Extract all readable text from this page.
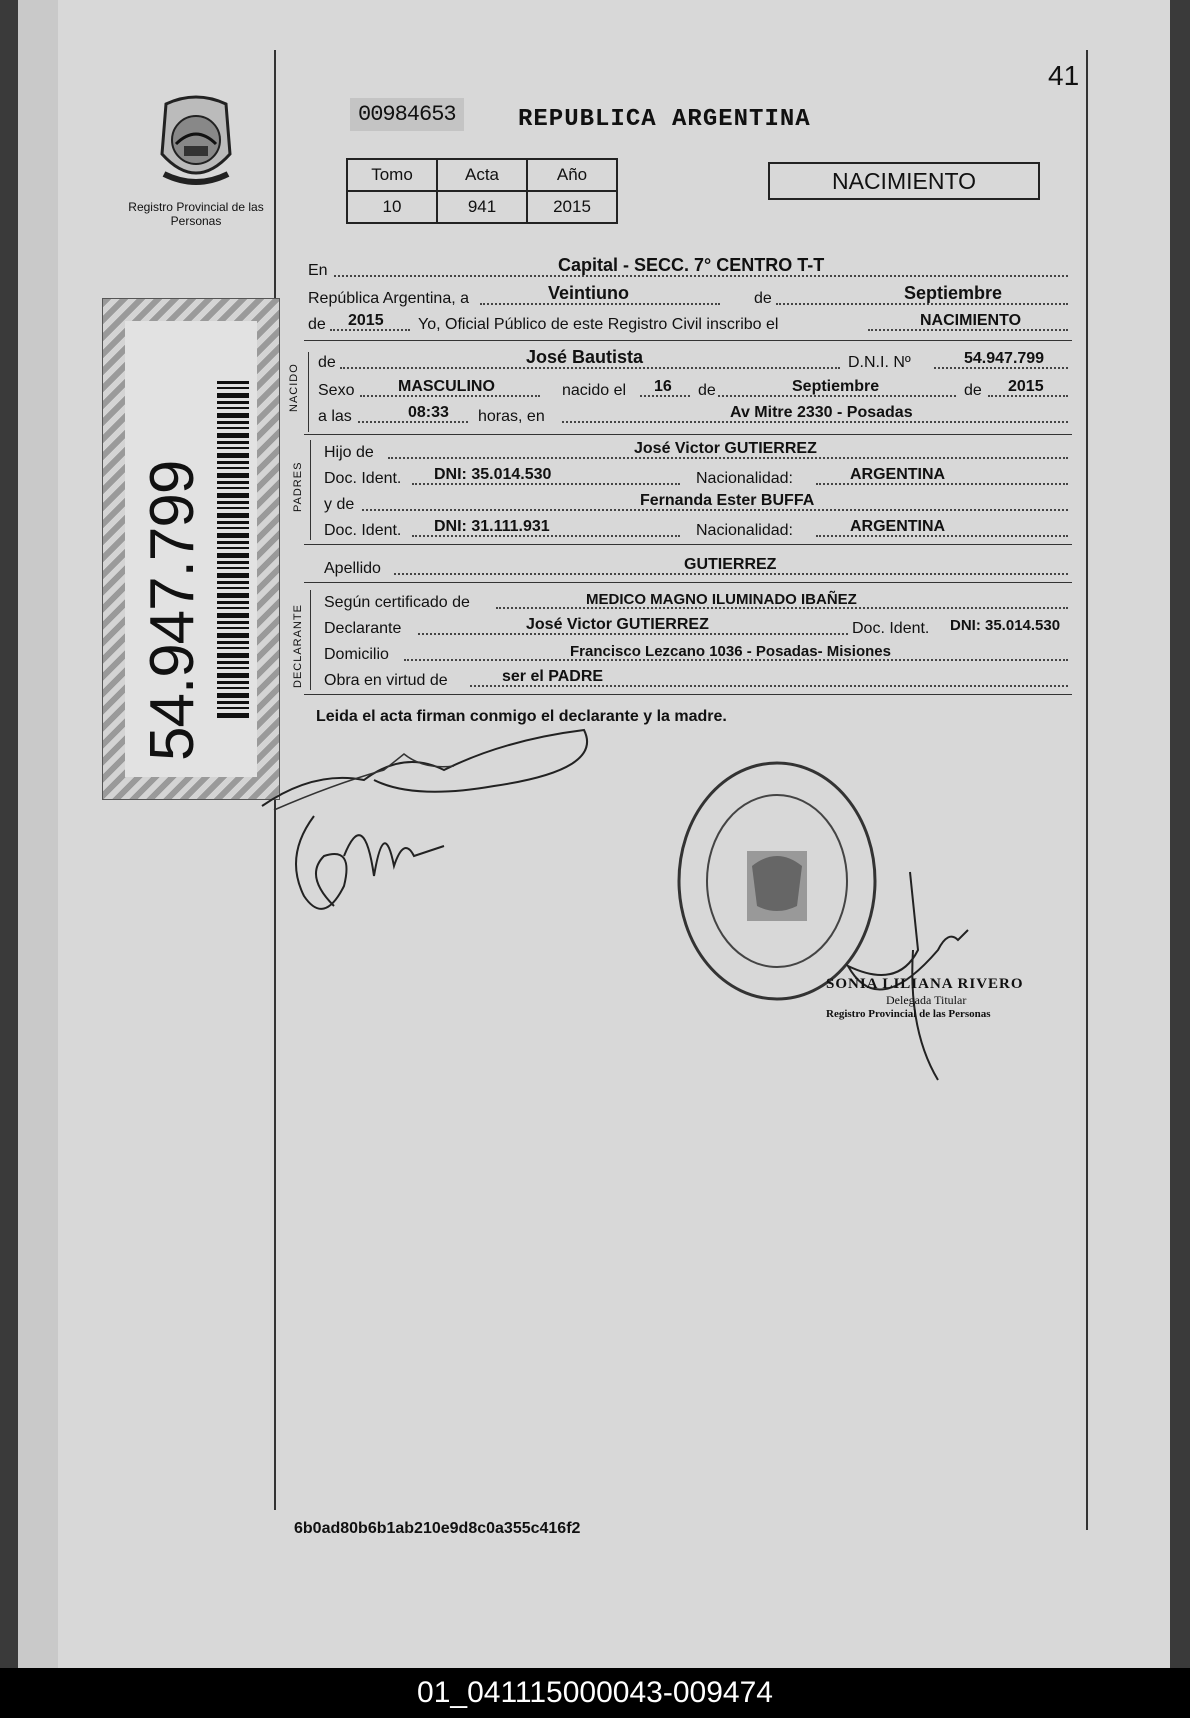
Registro Provincial de las Personas
54.947.799
41
00984653	REPUBLICA ARGENTINA
Tomo	Acta	Año
10	941	2015
NACIMIENTO
En	Capital - SECC. 7° CENTRO T-T
República Argentina, a	Veintiuno	de	Septiembre
de 2015 Yo, Oficial Público de este Registro Civil inscribo el	NACIMIENTO
NACIDO
de	José Bautista	D.N.I. Nº	54.947.799
Sexo	MASCULINO	nacido el 16 de	Septiembre	de 2015
a las	08:33 horas, en	Av Mitre 2330 - Posadas
PADRES
Hijo de	José Victor GUTIERREZ
Doc. Ident. DNI: 35.014.530	Nacionalidad:	ARGENTINA
y de	Fernanda Ester BUFFA
Doc. Ident. DNI: 31.111.931	Nacionalidad:	ARGENTINA
Apellido	GUTIERREZ
DECLARANTE
Según certificado de	MEDICO MAGNO ILUMINADO IBAÑEZ
Declarante	José Victor GUTIERREZ	Doc. Ident. DNI: 35.014.530
Domicilio	Francisco Lezcano 1036 - Posadas- Misiones
Obra en virtud de	ser el PADRE
Leida el acta firman conmigo el declarante y la madre.
SONIA LILIANA RIVERO
Delegada Titular
Registro Provincial de las Personas
6b0ad80b6b1ab210e9d8c0a355c416f2
01_041115000043-009474
